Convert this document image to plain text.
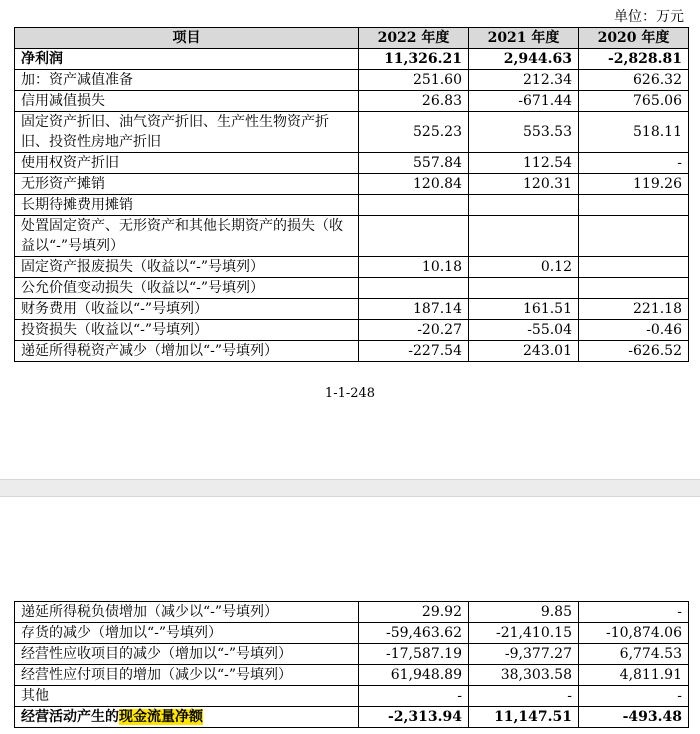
单位：万元
项目	2022 年度	2021 年度	2020 年度
净利润	11,326.21	2,944.63	-2,828.81
加：资产减值准备	251.60	212.34	626.32
信用减值损失	26.83	-671.44	765.06
固定资产折旧、油气资产折旧、生产性生物资产折旧、投资性房地产折旧	525.23	553.53	518.11
使用权资产折旧	557.84	112.54	-
无形资产摊销	120.84	120.31	119.26
长期待摊费用摊销			
处置固定资产、无形资产和其他长期资产的损失（收益以“-”号填列）			
固定资产报废损失（收益以“-”号填列）	10.18	0.12	
公允价值变动损失（收益以“-”号填列）			
财务费用（收益以“-”号填列）	187.14	161.51	221.18
投资损失（收益以“-”号填列）	-20.27	-55.04	-0.46
递延所得税资产减少（增加以“-”号填列）	-227.54	243.01	-626.52
1-1-248
递延所得税负债增加（减少以“-”号填列）	29.92	9.85	-
存货的减少（增加以“-”号填列）	-59,463.62	-21,410.15	-10,874.06
经营性应收项目的减少（增加以“-”号填列）	-17,587.19	-9,377.27	6,774.53
经营性应付项目的增加（减少以“-”号填列）	61,948.89	38,303.58	4,811.91
其他	-	-	-
经营活动产生的现金流量净额	-2,313.94	11,147.51	-493.48
